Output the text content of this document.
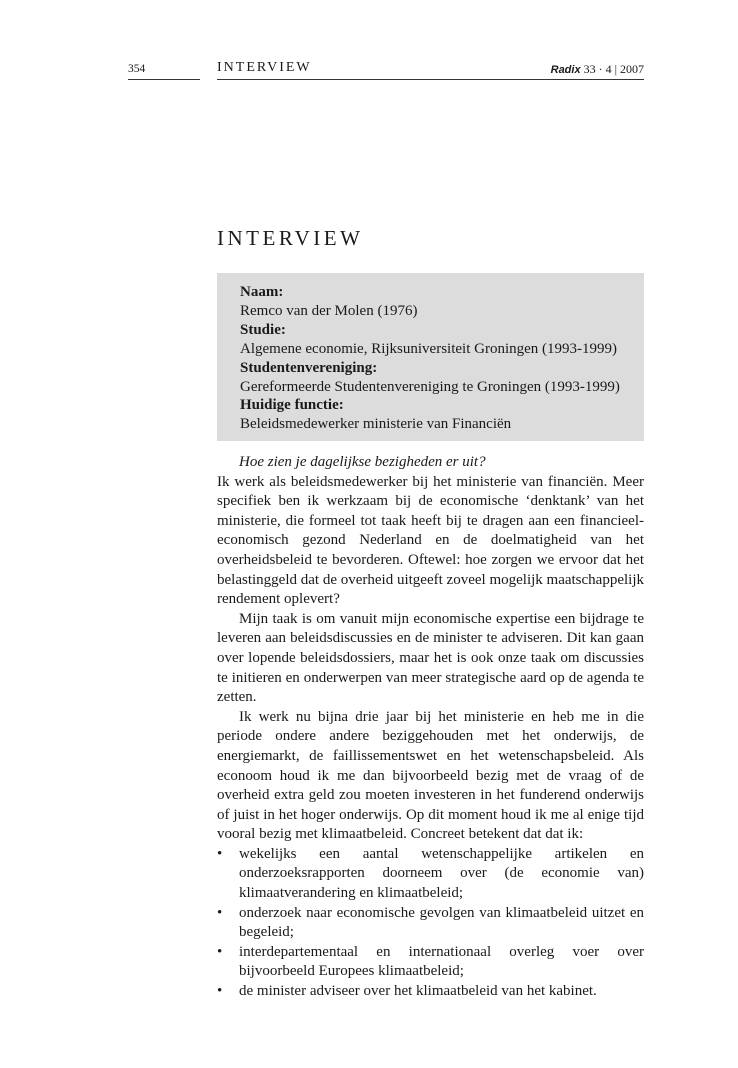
354	INTERVIEW	Radix 33 · 4 | 2007
INTERVIEW
Naam:
Remco van der Molen (1976)
Studie:
Algemene economie, Rijksuniversiteit Groningen (1993-1999)
Studentenvereniging:
Gereformeerde Studentenvereniging te Groningen (1993-1999)
Huidige functie:
Beleidsmedewerker ministerie van Financiën

Hoe zien je dagelijkse bezigheden er uit?

Ik werk als beleidsmedewerker bij het ministerie van financiën. Meer specifiek ben ik werkzaam bij de economische ‘denktank’ van het ministerie, die formeel tot taak heeft bij te dragen aan een financieel-economisch gezond Nederland en de doelmatigheid van het overheidsbeleid te bevorderen. Oftewel: hoe zorgen we ervoor dat het belastinggeld dat de overheid uitgeeft zoveel mogelijk maatschappelijk rendement oplevert?

Mijn taak is om vanuit mijn economische expertise een bijdrage te leveren aan beleidsdiscussies en de minister te adviseren. Dit kan gaan over lopende beleidsdossiers, maar het is ook onze taak om discussies te initieren en onderwerpen van meer strategische aard op de agenda te zetten.

Ik werk nu bijna drie jaar bij het ministerie en heb me in die periode ondere andere beziggehouden met het onderwijs, de energiemarkt, de faillissementswet en het wetenschapsbeleid. Als econoom houd ik me dan bijvoorbeeld bezig met de vraag of de overheid extra geld zou moeten investeren in het funderend onderwijs of juist in het hoger onderwijs. Op dit moment houd ik me al enige tijd vooral bezig met klimaatbeleid. Concreet betekent dat dat ik:

• wekelijks een aantal wetenschappelijke artikelen en onderzoeksrapporten doorneem over (de economie van) klimaatverandering en klimaatbeleid;
• onderzoek naar economische gevolgen van klimaatbeleid uitzet en begeleid;
• interdepartementaal en internationaal overleg voer over bijvoorbeeld Europees klimaatbeleid;
• de minister adviseer over het klimaatbeleid van het kabinet.
